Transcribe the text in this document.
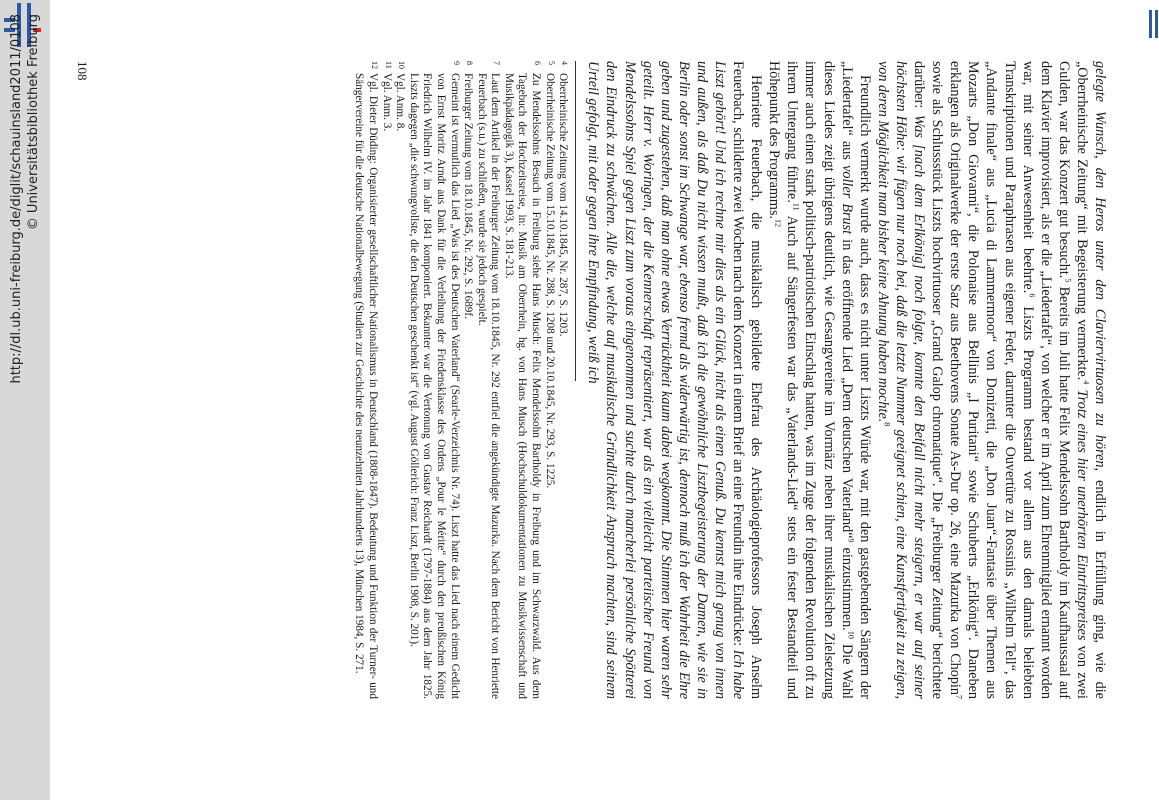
http://dl.ub.uni-freiburg.de/diglit/schauinsland2011/0108 © Universitätsbibliothek Freiburg	gelegte Wunsch, den Heros unter den Claviervirtuosen zu hören, endlich in Erfüllung ging, wie die „Oberrheinische Zeitung“ mit Begeisterung vermerkte.$^4$ Trotz eines hier unerhörten Eintrittspreises von zwei Gulden, war das Konzert gut besucht.$^5$ Bereits im Juli hatte Felix Mendelssohn Bartholdy im Kaufhaussaal auf dem Klavier improvisiert, als er die „Liedertafel“, von welcher er im April zum Ehrenmitglied ernannt worden war, mit seiner Anwesenheit beehrte.$^6$ Liszts Programm bestand vor allem aus den damals beliebten Transkriptionen und Paraphrasen aus eigener Feder, darunter die Ouvertüre zu Rossinis „Wilhelm Tell“, das „Andante finale“ aus „Lucia di Lammermoor“ von Donizetti, die „Don Juan“-Fantasie über Themen aus Mozarts „Don Giovanni“, die Polonaise aus Bellinis „I Puritani“ sowie Schuberts „Erlkönig“. Daneben erklangen als Originalwerke der erste Satz aus Beethovens Sonate As-Dur op. 26, eine Mazurka von Chopin$^7$ sowie als Schlussstück Liszts hochvirtuoser „Grand Galop chromatique“. Die „Freiburger Zeitung“ berichtete darüber: Was [nach dem Erlkönig] noch folgte, konnte den Beifall nicht mehr steigern, er war auf seiner höchsten Höhe: wir fügen nur noch bei, daß die letzte Nummer geeignet schien, eine Kunstfertigkeit zu zeigen, von deren Möglichkeit man bisher keine Ahnung haben mochte.$^8$

Freundlich vermerkt wurde auch, dass es nicht unter Liszts Würde war, mit den gastgebenden Sängern der „Liedertafel“ aus voller Brust in das eröffnende Lied „Dem deutschen Vaterland“$^9$ einzustimmen.$^{10}$ Die Wahl dieses Liedes zeigt übrigens deutlich, wie Gesangvereine im Vormärz neben ihrer musikalischen Zielsetzung immer auch einen stark politisch-patriotischen Einschlag hatten, was im Zuge der folgenden Revolution oft zu ihrem Untergang führte.$^{11}$ Auch auf Sängerfesten war das „Vaterlands-Lied“ stets ein fester Bestandteil und Höhepunkt des Programms.$^{12}$

Henriette Feuerbach, die musikalisch gebildete Ehefrau des Archäologieprofessors Joseph Anselm Feuerbach, schilderte zwei Wochen nach dem Konzert in einem Brief an eine Freundin ihre Eindrücke: Ich habe Liszt gehört! Und ich rechne mir dies als ein Glück, nicht als einen Genuß. Du kennst mich genug von innen und außen, als daß Du nicht wissen mußt, daß ich die gewöhnliche Lisztbegeisterung der Damen, wie sie in Berlin oder sonst im Schwange war, ebenso fremd als widerwärtig ist, dennoch muß ich der Wahrheit die Ehre geben und zugestehen, daß man ohne etwas Verrücktheit kaum dabei wegkommt. Die Stimmen hier waren sehr geteilt. Herr v. Woringen, der die Kennerschaft repräsentiert, war als ein vielleicht parteiischer Freund von Mendelssohns Spiel gegen Liszt zum voraus eingenommen und suchte durch mancherlei persönliche Spötterei den Eindruck zu schwächen. Alle die, welche auf musikalische Gründlichkeit Anspruch machten, sind seinem Urteil gefolgt, mit oder gegen ihre Empfindung, weiß ich

4
Oberrheinische Zeitung vom 14.10.1845, Nr. 287, S. 1203.
5
Oberrheinische Zeitung vom 15.10.1845, Nr. 288, S. 1208 und 20.10.1845, Nr. 293, S. 1225.
6
Zu Mendelssohns Besuch in Freiburg siehe Hans Musch: Felix Mendelssohn Bartholdy in Freiburg und im Schwarzwald. Aus dem Tagebuch der Hochzeitsreise, in: Musik am Oberrhein, hg. von Hans Musch (Hochschuldokumentationen zu Musikwissenschaft und Musikpädagogik 3), Kassel 1993, S. 181-213.
7
Laut dem Artikel in der Freiburger Zeitung vom 18.10.1845, Nr. 292 entfiel die angekündigte Mazurka. Nach dem Bericht von Henriette Feuerbach (s.u.) zu schließen, wurde sie jedoch gespielt.
8
Freiburger Zeitung vom 18.10.1845, Nr. 292, S. 1689f.
9
Gemeint ist vermutlich das Lied „Was ist des Deutschen Vaterland“ (Searle-Verzeichnis Nr. 74). Liszt hatte das Lied nach einem Gedicht von Ernst Moritz Arndt aus Dank für die Verleihung der Friedensklasse des Ordens „Pour le Mérite“ durch den preußischen König Friedrich Wilhelm IV. im Jahr 1841 komponiert. Bekannter war die Vertonung von Gustav Reichardt (1797-1884) aus dem Jahr 1825. Liszts dagegen „die schwungvollste, die den Deutschen geschenkt ist“ (vgl. August Göllerich: Franz Liszt, Berlin 1908, S. 201).
10
Vgl. Anm. 8.
11
Vgl. Anm. 3.
12
Vgl. Dieter Düding: Organisierter gesellschaftlicher Nationalismus in Deutschland (1808-1847). Bedeutung und Funktion der Turner- und Sängervereine für die deutsche Nationalbewegung (Studien zur Geschichte des neunzehnten Jahrhunderts 13), München 1984, S. 271.
108
